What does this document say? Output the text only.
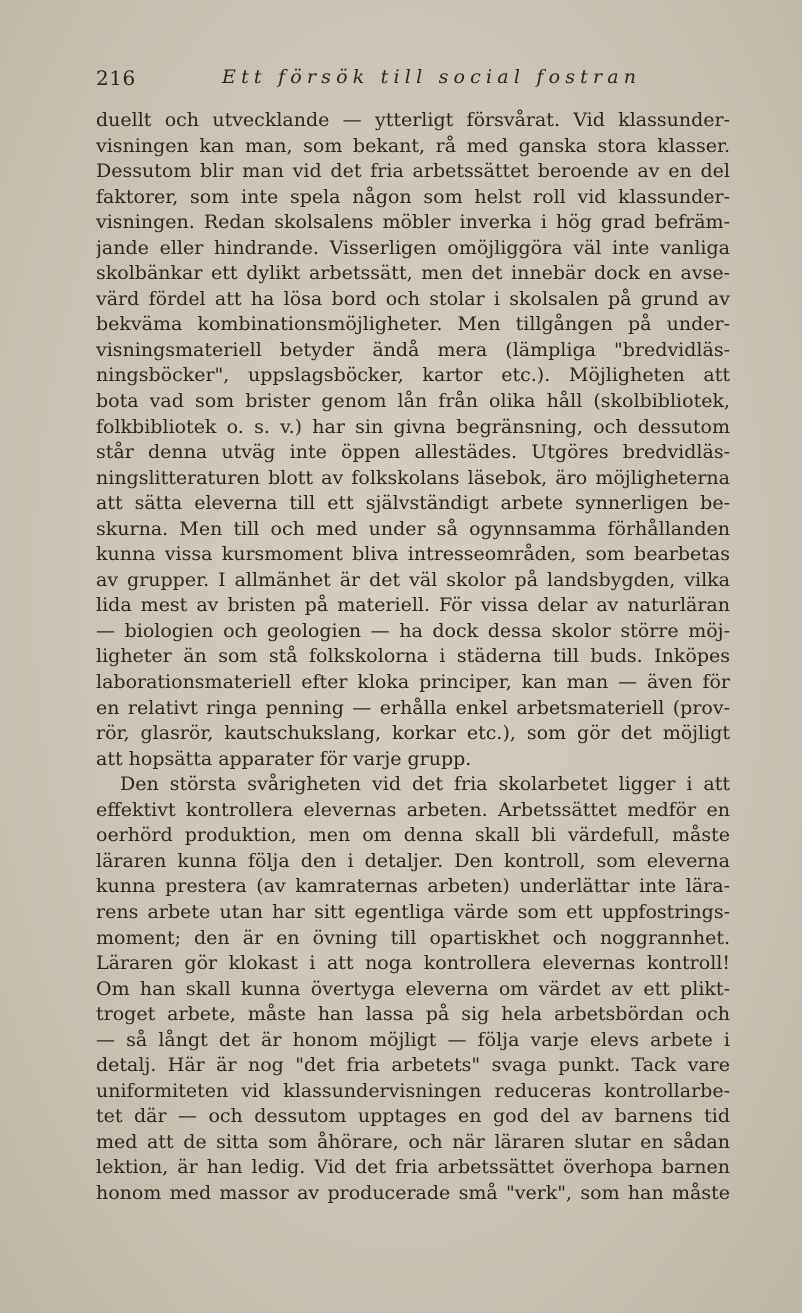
216	Ett försök till social fostran
duellt och utvecklande — ytterligt försvårat. Vid klassunder-
visningen kan man, som bekant, rå med ganska stora klasser.
Dessutom blir man vid det fria arbetssättet beroende av en del
faktorer, som inte spela någon som helst roll vid klassunder-
visningen. Redan skolsalens möbler inverka i hög grad befräm-
jande eller hindrande. Visserligen omöjliggöra väl inte vanliga
skolbänkar ett dylikt arbetssätt, men det innebär dock en avse-
värd fördel att ha lösa bord och stolar i skolsalen på grund av
bekväma kombinationsmöjligheter. Men tillgången på under-
visningsmateriell betyder ändå mera (lämpliga "bredvidläs-
ningsböcker", uppslagsböcker, kartor etc.). Möjligheten att
bota vad som brister genom lån från olika håll (skolbibliotek,
folkbibliotek o. s. v.) har sin givna begränsning, och dessutom
står denna utväg inte öppen allestädes. Utgöres bredvidläs-
ningslitteraturen blott av folkskolans läsebok, äro möjligheterna
att sätta eleverna till ett självständigt arbete synnerligen be-
skurna. Men till och med under så ogynnsamma förhållanden
kunna vissa kursmoment bliva intresseområden, som bearbetas
av grupper. I allmänhet är det väl skolor på landsbygden, vilka
lida mest av bristen på materiell. För vissa delar av naturläran
— biologien och geologien — ha dock dessa skolor större möj-
ligheter än som stå folkskolorna i städerna till buds. Inköpes
laborationsmateriell efter kloka principer, kan man — även för
en relativt ringa penning — erhålla enkel arbetsmateriell (prov-
rör, glasrör, kautschukslang, korkar etc.), som gör det möjligt
att hopsätta apparater för varje grupp.
Den största svårigheten vid det fria skolarbetet ligger i att
effektivt kontrollera elevernas arbeten. Arbetssättet medför en
oerhörd produktion, men om denna skall bli värdefull, måste
läraren kunna följa den i detaljer. Den kontroll, som eleverna
kunna prestera (av kamraternas arbeten) underlättar inte lära-
rens arbete utan har sitt egentliga värde som ett uppfostrings-
moment; den är en övning till opartiskhet och noggrannhet.
Läraren gör klokast i att noga kontrollera elevernas kontroll!
Om han skall kunna övertyga eleverna om värdet av ett plikt-
troget arbete, måste han lassa på sig hela arbetsbördan och
— så långt det är honom möjligt — följa varje elevs arbete i
detalj. Här är nog "det fria arbetets" svaga punkt. Tack vare
uniformiteten vid klassundervisningen reduceras kontrollarbe-
tet där — och dessutom upptages en god del av barnens tid
med att de sitta som åhörare, och när läraren slutar en sådan
lektion, är han ledig. Vid det fria arbetssättet överhopa barnen
honom med massor av producerade små "verk", som han måste
